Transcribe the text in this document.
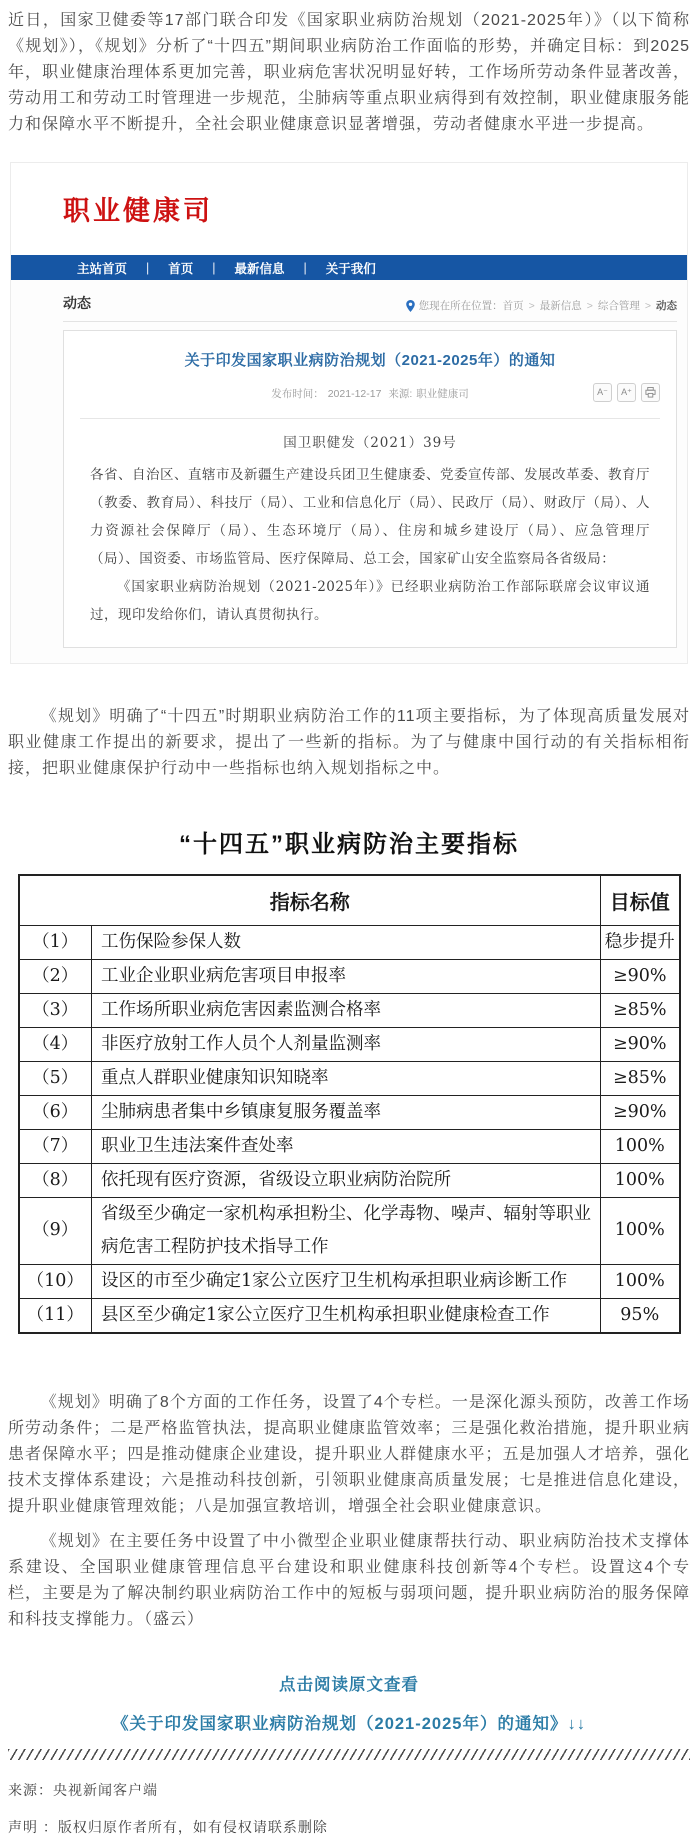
近日，国家卫健委等17部门联合印发《国家职业病防治规划（2021-2025年）》（以下简称《规划》），《规划》分析了“十四五”期间职业病防治工作面临的形势，并确定目标：到2025年，职业健康治理体系更加完善，职业病危害状况明显好转，工作场所劳动条件显著改善，劳动用工和劳动工时管理进一步规范，尘肺病等重点职业病得到有效控制，职业健康服务能力和保障水平不断提升，全社会职业健康意识显著增强，劳动者健康水平进一步提高。

职业健康司
主站首页 | 首页 | 最新信息 | 关于我们
动态	您现在所在位置： 首页 > 最新信息 > 综合管理 > 动态
关于印发国家职业病防治规划（2021-2025年）的通知
发布时间： 2021-12-17 来源: 职业健康司	A⁻	A⁺
国卫职健发（2021）39号

各省、自治区、直辖市及新疆生产建设兵团卫生健康委、党委宣传部、发展改革委、教育厅（教委、教育局）、科技厅（局）、工业和信息化厅（局）、民政厅（局）、财政厅（局）、人力资源社会保障厅（局）、生态环境厅（局）、住房和城乡建设厅（局）、应急管理厅（局）、国资委、市场监管局、医疗保障局、总工会，国家矿山安全监察局各省级局：

《国家职业病防治规划（2021-2025年）》已经职业病防治工作部际联席会议审议通过，现印发给你们，请认真贯彻执行。

《规划》明确了“十四五”时期职业病防治工作的11项主要指标，为了体现高质量发展对职业健康工作提出的新要求，提出了一些新的指标。为了与健康中国行动的有关指标相衔接，把职业健康保护行动中一些指标也纳入规划指标之中。

“十四五”职业病防治主要指标
指标名称		目标值
（1）	工伤保险参保人数	稳步提升
（2）	工业企业职业病危害项目申报率	≥90%
（3）	工作场所职业病危害因素监测合格率	≥85%
（4）	非医疗放射工作人员个人剂量监测率	≥90%
（5）	重点人群职业健康知识知晓率	≥85%
（6）	尘肺病患者集中乡镇康复服务覆盖率	≥90%
（7）	职业卫生违法案件查处率	100%
（8）	依托现有医疗资源，省级设立职业病防治院所	100%
（9）	省级至少确定一家机构承担粉尘、化学毒物、噪声、辐射等职业病危害工程防护技术指导工作	100%
（10）	设区的市至少确定1家公立医疗卫生机构承担职业病诊断工作	100%
（11）	县区至少确定1家公立医疗卫生机构承担职业健康检查工作	95%

《规划》明确了8个方面的工作任务，设置了4个专栏。一是深化源头预防，改善工作场所劳动条件；二是严格监管执法，提高职业健康监管效率；三是强化救治措施，提升职业病患者保障水平；四是推动健康企业建设，提升职业人群健康水平；五是加强人才培养，强化技术支撑体系建设；六是推动科技创新，引领职业健康高质量发展；七是推进信息化建设，提升职业健康管理效能；八是加强宣教培训，增强全社会职业健康意识。

《规划》在主要任务中设置了中小微型企业职业健康帮扶行动、职业病防治技术支撑体系建设、全国职业健康管理信息平台建设和职业健康科技创新等4个专栏。设置这4个专栏，主要是为了解决制约职业病防治工作中的短板与弱项问题，提升职业病防治的服务保障和科技支撑能力。（盛云）

点击阅读原文查看
《关于印发国家职业病防治规划（2021-2025年）的通知》↓↓

来源：央视新闻客户端

声明 ：版权归原作者所有，如有侵权请联系删除
